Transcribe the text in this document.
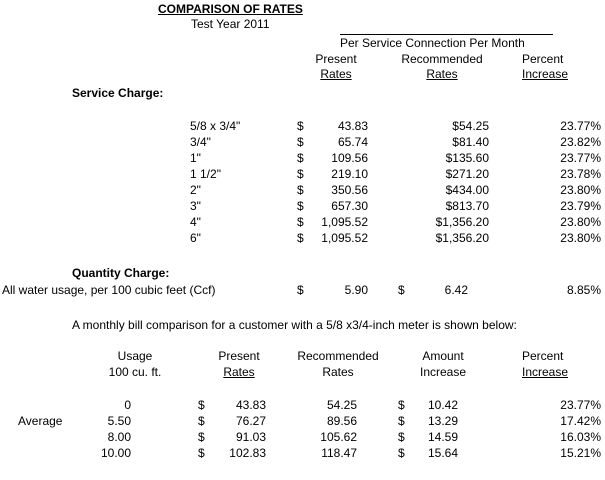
COMPARISON OF RATES
Test Year 2011
Per Service Connection Per Month
Present
Rates
Recommended
Rates
Percent
Increase
Service Charge:
5/8 x 3/4"	$	43.83	$54.25	23.77%
3/4"	$	65.74	$81.40	23.82%
1"	$	109.56	$135.60	23.77%
1 1/2"	$	219.10	$271.20	23.78%
2"	$	350.56	$434.00	23.80%
3"	$	657.30	$813.70	23.79%
4"	$	1,095.52	$1,356.20	23.80%
6"	$	1,095.52	$1,356.20	23.80%
Quantity Charge:
All water usage, per 100 cubic feet (Ccf)	$	5.90	$	6.42	8.85%
A monthly bill comparison for a customer with a 5/8 x3/4-inch meter is shown below:
Usage
100 cu. ft.
Present
Rates
Recommended
Rates
Amount
Increase
Percent
Increase
0	$	43.83	54.25	$	10.42	23.77%
Average	5.50	$	76.27	89.56	$	13.29	17.42%
8.00	$	91.03	105.62	$	14.59	16.03%
10.00	$	102.83	118.47	$	15.64	15.21%
